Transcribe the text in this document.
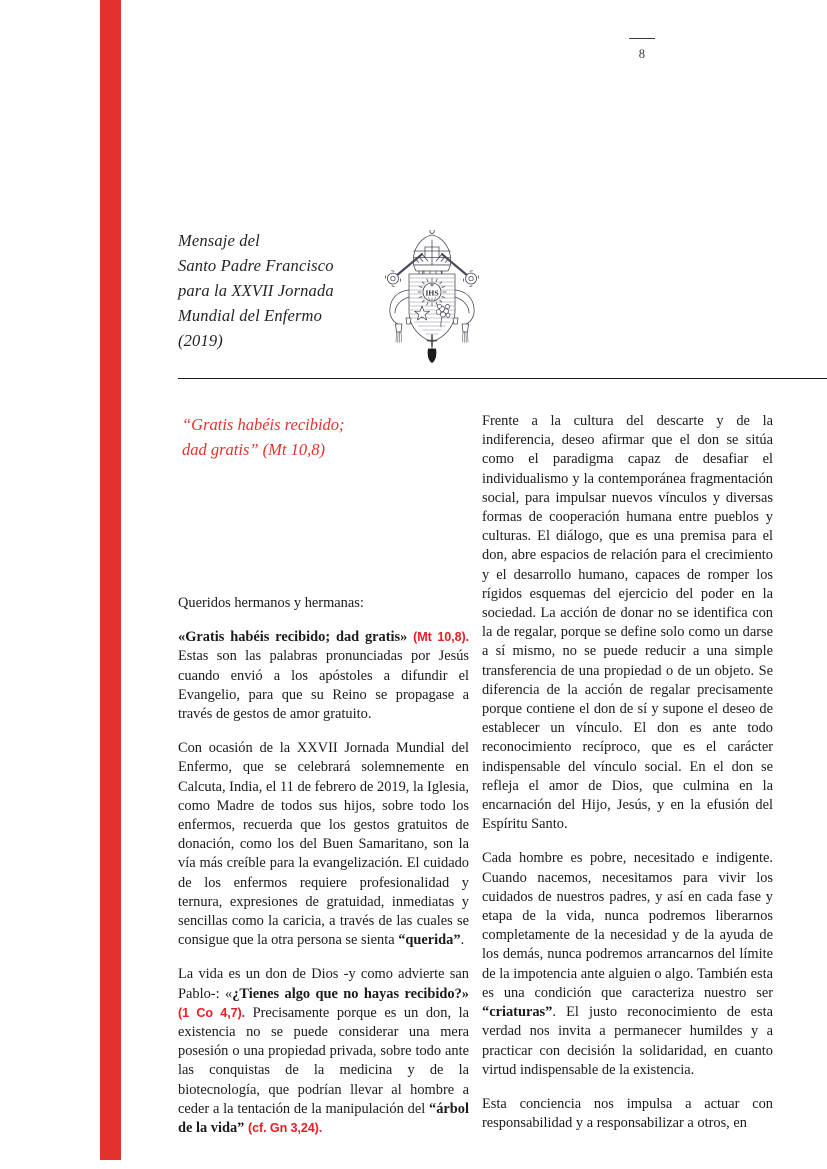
8
Mensaje del
Santo Padre Francisco
para la XXVII Jornada
Mundial del Enfermo
(2019)
IHS
“Gratis habéis recibido;
dad gratis” (Mt 10,8)

Queridos hermanos y hermanas:

«Gratis habéis recibido; dad gratis» (Mt 10,8). Estas son las palabras pronunciadas por Jesús cuando envió a los apóstoles a difundir el Evangelio, para que su Reino se propagase a través de gestos de amor gratuito.

Con ocasión de la XXVII Jornada Mundial del Enfermo, que se celebrará solemnemente en Calcuta, India, el 11 de febrero de 2019, la Iglesia, como Madre de todos sus hijos, sobre todo los enfermos, recuerda que los gestos gratuitos de donación, como los del Buen Samaritano, son la vía más creíble para la evangelización. El cuidado de los enfermos requiere profesionalidad y ternura, expresiones de gratuidad, inmediatas y sencillas como la caricia, a través de las cuales se consigue que la otra persona se sienta “querida”.

La vida es un don de Dios -y como advierte san Pablo-: «¿Tienes algo que no hayas recibido?» (1 Co 4,7). Precisamente porque es un don, la existencia no se puede considerar una mera posesión o una propiedad privada, sobre todo ante las conquistas de la medicina y de la biotecnología, que podrían llevar al hombre a ceder a la tentación de la manipulación del “árbol de la vida” (cf. Gn 3,24).

Frente a la cultura del descarte y de la indiferencia, deseo afirmar que el don se sitúa como el paradigma capaz de desafiar el individualismo y la contemporánea fragmentación social, para impulsar nuevos vínculos y diversas formas de cooperación humana entre pueblos y culturas. El diálogo, que es una premisa para el don, abre espacios de relación para el crecimiento y el desarrollo humano, capaces de romper los rígidos esquemas del ejercicio del poder en la sociedad. La acción de donar no se identifica con la de regalar, porque se define solo como un darse a sí mismo, no se puede reducir a una simple transferencia de una propiedad o de un objeto. Se diferencia de la acción de regalar precisamente porque contiene el don de sí y supone el deseo de establecer un vínculo. El don es ante todo reconocimiento recíproco, que es el carácter indispensable del vínculo social. En el don se refleja el amor de Dios, que culmina en la encarnación del Hijo, Jesús, y en la efusión del Espíritu Santo.

Cada hombre es pobre, necesitado e indigente. Cuando nacemos, necesitamos para vivir los cuidados de nuestros padres, y así en cada fase y etapa de la vida, nunca podremos liberarnos completamente de la necesidad y de la ayuda de los demás, nunca podremos arrancarnos del límite de la impotencia ante alguien o algo. También esta es una condición que caracteriza nuestro ser “criaturas”. El justo reconocimiento de esta verdad nos invita a permanecer humildes y a practicar con decisión la solidaridad, en cuanto virtud indispensable de la existencia.

Esta conciencia nos impulsa a actuar con responsabilidad y a responsabilizar a otros, en
